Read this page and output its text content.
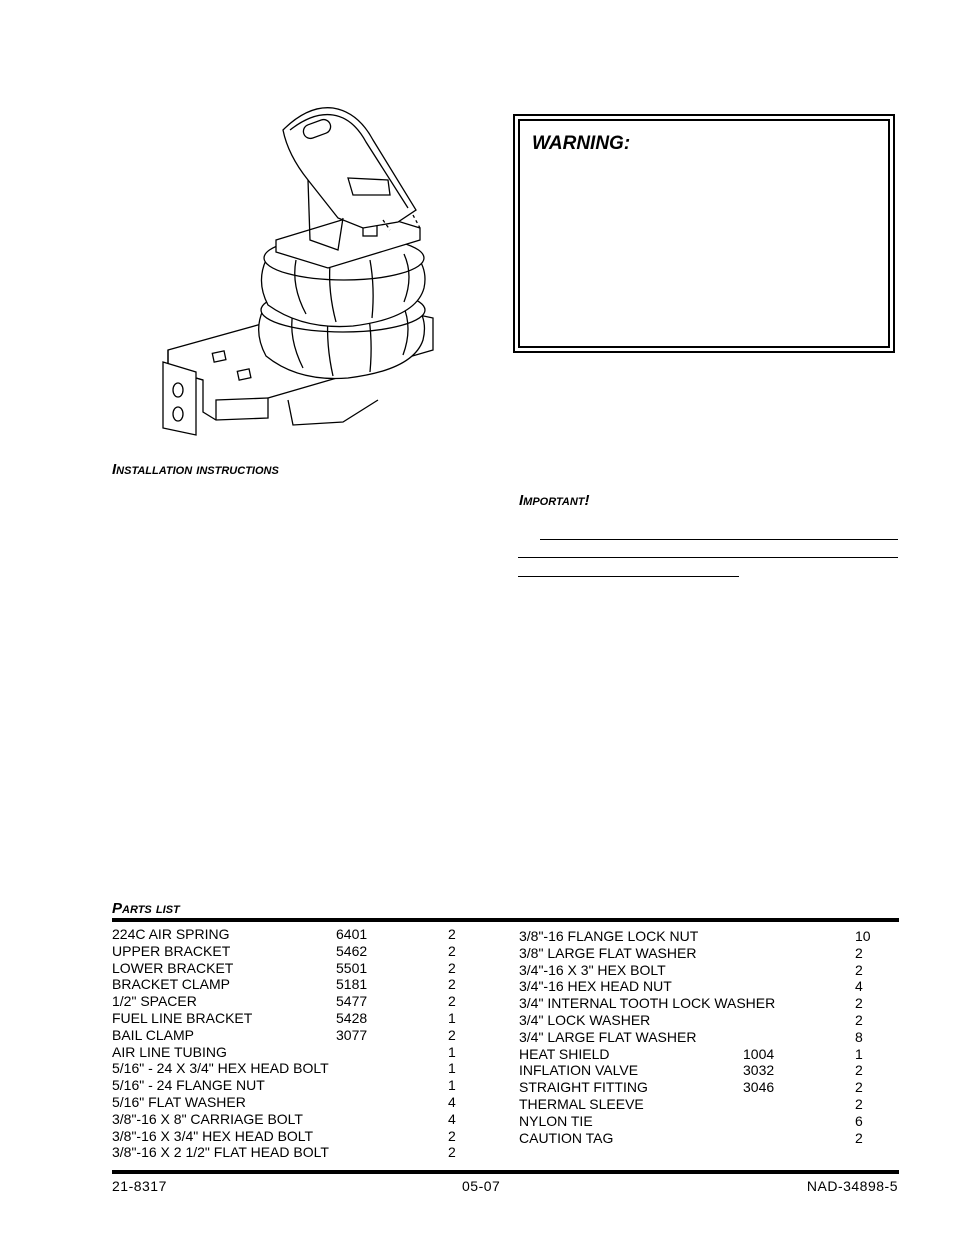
WARNING:
Installation instructions
Important!
Parts list
224C AIR SPRING	6401	2
UPPER BRACKET	5462	2
LOWER BRACKET	5501	2
BRACKET CLAMP	5181	2
1/2" SPACER	5477	2
FUEL LINE BRACKET	5428	1
BAIL CLAMP	3077	2
AIR LINE TUBING	1
5/16" - 24 X 3/4" HEX HEAD BOLT	1
5/16" - 24 FLANGE NUT	1
5/16" FLAT WASHER	4
3/8"-16 X 8" CARRIAGE BOLT	4
3/8"-16 X 3/4" HEX HEAD BOLT	2
3/8"-16 X 2 1/2" FLAT HEAD BOLT	2
3/8"-16 FLANGE LOCK NUT	10
3/8" LARGE FLAT WASHER	2
3/4"-16 X 3" HEX BOLT	2
3/4"-16 HEX HEAD NUT	4
3/4" INTERNAL TOOTH LOCK WASHER	2
3/4" LOCK WASHER	2
3/4" LARGE FLAT WASHER	8
HEAT SHIELD	1004	1
INFLATION VALVE	3032	2
STRAIGHT FITTING	3046	2
THERMAL SLEEVE	2
NYLON TIE	6
CAUTION TAG	2
21-8317	05-07	NAD-34898-5
